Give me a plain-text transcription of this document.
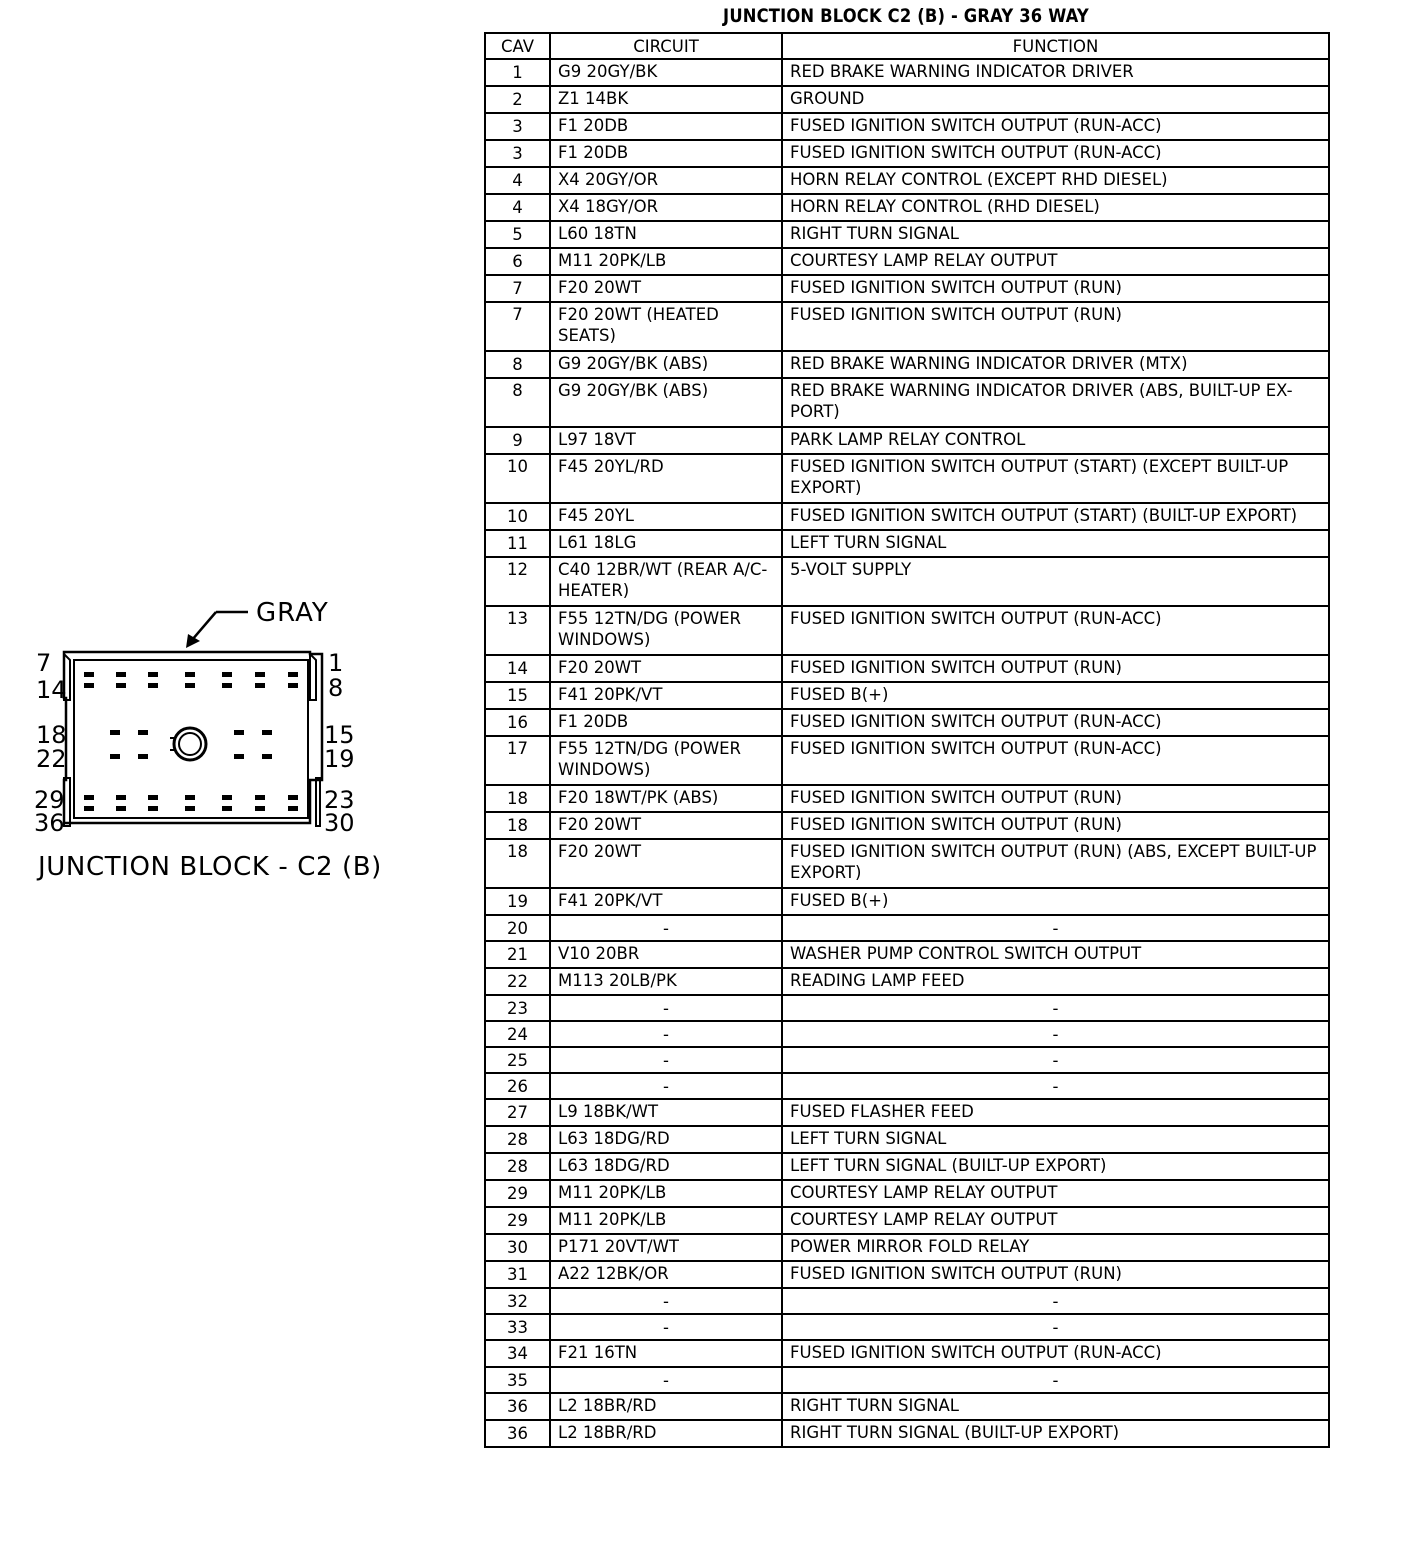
JUNCTION BLOCK C2 (B) - GRAY 36 WAY
CAV	CIRCUIT	FUNCTION
1	G9 20GY/BK	RED BRAKE WARNING INDICATOR DRIVER
2	Z1 14BK	GROUND
3	F1 20DB	FUSED IGNITION SWITCH OUTPUT (RUN-ACC)
3	F1 20DB	FUSED IGNITION SWITCH OUTPUT (RUN-ACC)
4	X4 20GY/OR	HORN RELAY CONTROL (EXCEPT RHD DIESEL)
4	X4 18GY/OR	HORN RELAY CONTROL (RHD DIESEL)
5	L60 18TN	RIGHT TURN SIGNAL
6	M11 20PK/LB	COURTESY LAMP RELAY OUTPUT
7	F20 20WT	FUSED IGNITION SWITCH OUTPUT (RUN)
7	F20 20WT (HEATED SEATS)	FUSED IGNITION SWITCH OUTPUT (RUN)
8	G9 20GY/BK (ABS)	RED BRAKE WARNING INDICATOR DRIVER (MTX)
8	G9 20GY/BK (ABS)	RED BRAKE WARNING INDICATOR DRIVER (ABS, BUILT-UP EX-PORT)
9	L97 18VT	PARK LAMP RELAY CONTROL
10	F45 20YL/RD	FUSED IGNITION SWITCH OUTPUT (START) (EXCEPT BUILT-UP EXPORT)
10	F45 20YL	FUSED IGNITION SWITCH OUTPUT (START) (BUILT-UP EXPORT)
11	L61 18LG	LEFT TURN SIGNAL
12	C40 12BR/WT (REAR A/C-HEATER)	5-VOLT SUPPLY
13	F55 12TN/DG (POWER WINDOWS)	FUSED IGNITION SWITCH OUTPUT (RUN-ACC)
14	F20 20WT	FUSED IGNITION SWITCH OUTPUT (RUN)
15	F41 20PK/VT	FUSED B(+)
16	F1 20DB	FUSED IGNITION SWITCH OUTPUT (RUN-ACC)
17	F55 12TN/DG (POWER WINDOWS)	FUSED IGNITION SWITCH OUTPUT (RUN-ACC)
18	F20 18WT/PK (ABS)	FUSED IGNITION SWITCH OUTPUT (RUN)
18	F20 20WT	FUSED IGNITION SWITCH OUTPUT (RUN)
18	F20 20WT	FUSED IGNITION SWITCH OUTPUT (RUN) (ABS, EXCEPT BUILT-UP EXPORT)
19	F41 20PK/VT	FUSED B(+)
20	-	-
21	V10 20BR	WASHER PUMP CONTROL SWITCH OUTPUT
22	M113 20LB/PK	READING LAMP FEED
23	-	-
24	-	-
25	-	-
26	-	-
27	L9 18BK/WT	FUSED FLASHER FEED
28	L63 18DG/RD	LEFT TURN SIGNAL
28	L63 18DG/RD	LEFT TURN SIGNAL (BUILT-UP EXPORT)
29	M11 20PK/LB	COURTESY LAMP RELAY OUTPUT
29	M11 20PK/LB	COURTESY LAMP RELAY OUTPUT
30	P171 20VT/WT	POWER MIRROR FOLD RELAY
31	A22 12BK/OR	FUSED IGNITION SWITCH OUTPUT (RUN)
32	-	-
33	-	-
34	F21 16TN	FUSED IGNITION SWITCH OUTPUT (RUN-ACC)
35	-	-
36	L2 18BR/RD	RIGHT TURN SIGNAL
36	L2 18BR/RD	RIGHT TURN SIGNAL (BUILT-UP EXPORT)
GRAY
7
14
1
8
18
22
15
19
29
36
23
30
JUNCTION BLOCK - C2 (B)
